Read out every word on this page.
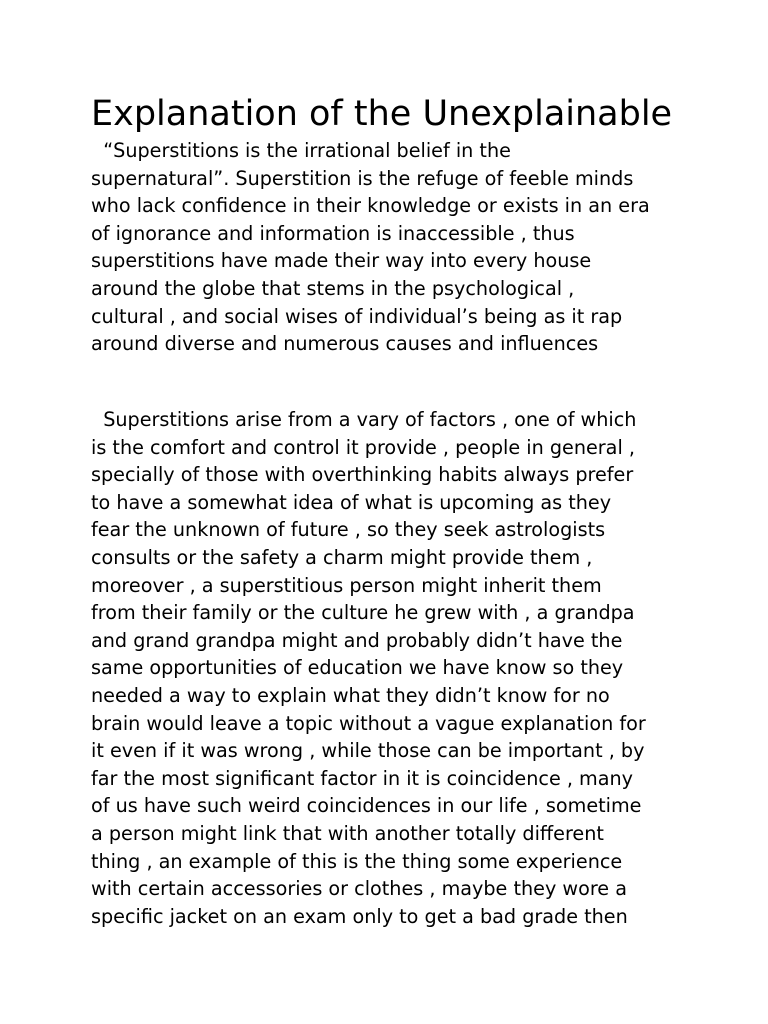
Explanation of the Unexplainable

“Superstitions is the irrational belief in the
supernatural”. Superstition is the refuge of feeble minds
who lack confidence in their knowledge or exists in an era
of ignorance and information is inaccessible , thus
superstitions have made their way into every house
around the globe that stems in the psychological ,
cultural , and social wises of individual’s being as it rap
around diverse and numerous causes and influences

Superstitions arise from a vary of factors , one of which
is the comfort and control it provide , people in general ,
specially of those with overthinking habits always prefer
to have a somewhat idea of what is upcoming as they
fear the unknown of future , so they seek astrologists
consults or the safety a charm might provide them ,
moreover , a superstitious person might inherit them
from their family or the culture he grew with , a grandpa
and grand grandpa might and probably didn’t have the
same opportunities of education we have know so they
needed a way to explain what they didn’t know for no
brain would leave a topic without a vague explanation for
it even if it was wrong , while those can be important , by
far the most significant factor in it is coincidence , many
of us have such weird coincidences in our life , sometime
a person might link that with another totally different
thing , an example of this is the thing some experience
with certain accessories or clothes , maybe they wore a
specific jacket on an exam only to get a bad grade then
